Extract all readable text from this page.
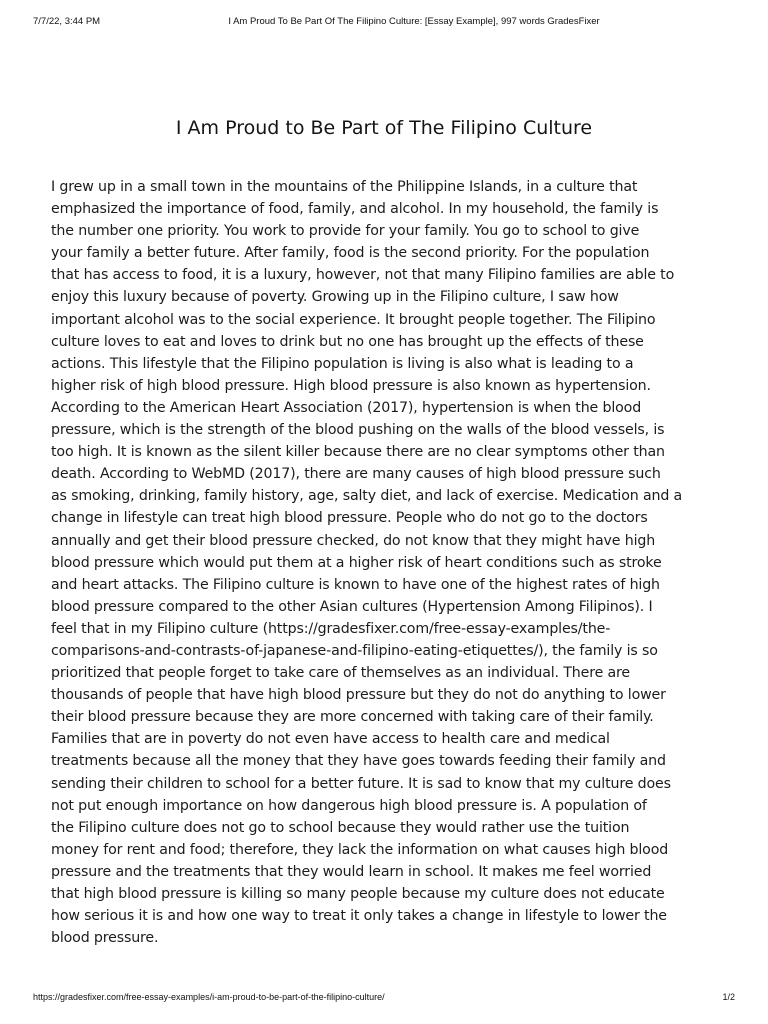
7/7/22, 3:44 PM	I Am Proud To Be Part Of The Filipino Culture: [Essay Example], 997 words GradesFixer
I Am Proud to Be Part of The Filipino Culture
I grew up in a small town in the mountains of the Philippine Islands, in a culture that
emphasized the importance of food, family, and alcohol. In my household, the family is
the number one priority. You work to provide for your family. You go to school to give
your family a better future. After family, food is the second priority. For the population
that has access to food, it is a luxury, however, not that many Filipino families are able to
enjoy this luxury because of poverty. Growing up in the Filipino culture, I saw how
important alcohol was to the social experience. It brought people together. The Filipino
culture loves to eat and loves to drink but no one has brought up the effects of these
actions. This lifestyle that the Filipino population is living is also what is leading to a
higher risk of high blood pressure. High blood pressure is also known as hypertension.
According to the American Heart Association (2017), hypertension is when the blood
pressure, which is the strength of the blood pushing on the walls of the blood vessels, is
too high. It is known as the silent killer because there are no clear symptoms other than
death. According to WebMD (2017), there are many causes of high blood pressure such
as smoking, drinking, family history, age, salty diet, and lack of exercise. Medication and a
change in lifestyle can treat high blood pressure. People who do not go to the doctors
annually and get their blood pressure checked, do not know that they might have high
blood pressure which would put them at a higher risk of heart conditions such as stroke
and heart attacks. The Filipino culture is known to have one of the highest rates of high
blood pressure compared to the other Asian cultures (Hypertension Among Filipinos). I
feel that in my Filipino culture (https://gradesfixer.com/free-essay-examples/the-
comparisons-and-contrasts-of-japanese-and-filipino-eating-etiquettes/), the family is so
prioritized that people forget to take care of themselves as an individual. There are
thousands of people that have high blood pressure but they do not do anything to lower
their blood pressure because they are more concerned with taking care of their family.
Families that are in poverty do not even have access to health care and medical
treatments because all the money that they have goes towards feeding their family and
sending their children to school for a better future. It is sad to know that my culture does
not put enough importance on how dangerous high blood pressure is. A population of
the Filipino culture does not go to school because they would rather use the tuition
money for rent and food; therefore, they lack the information on what causes high blood
pressure and the treatments that they would learn in school. It makes me feel worried
that high blood pressure is killing so many people because my culture does not educate
how serious it is and how one way to treat it only takes a change in lifestyle to lower the
blood pressure.
https://gradesfixer.com/free-essay-examples/i-am-proud-to-be-part-of-the-filipino-culture/	1/2
